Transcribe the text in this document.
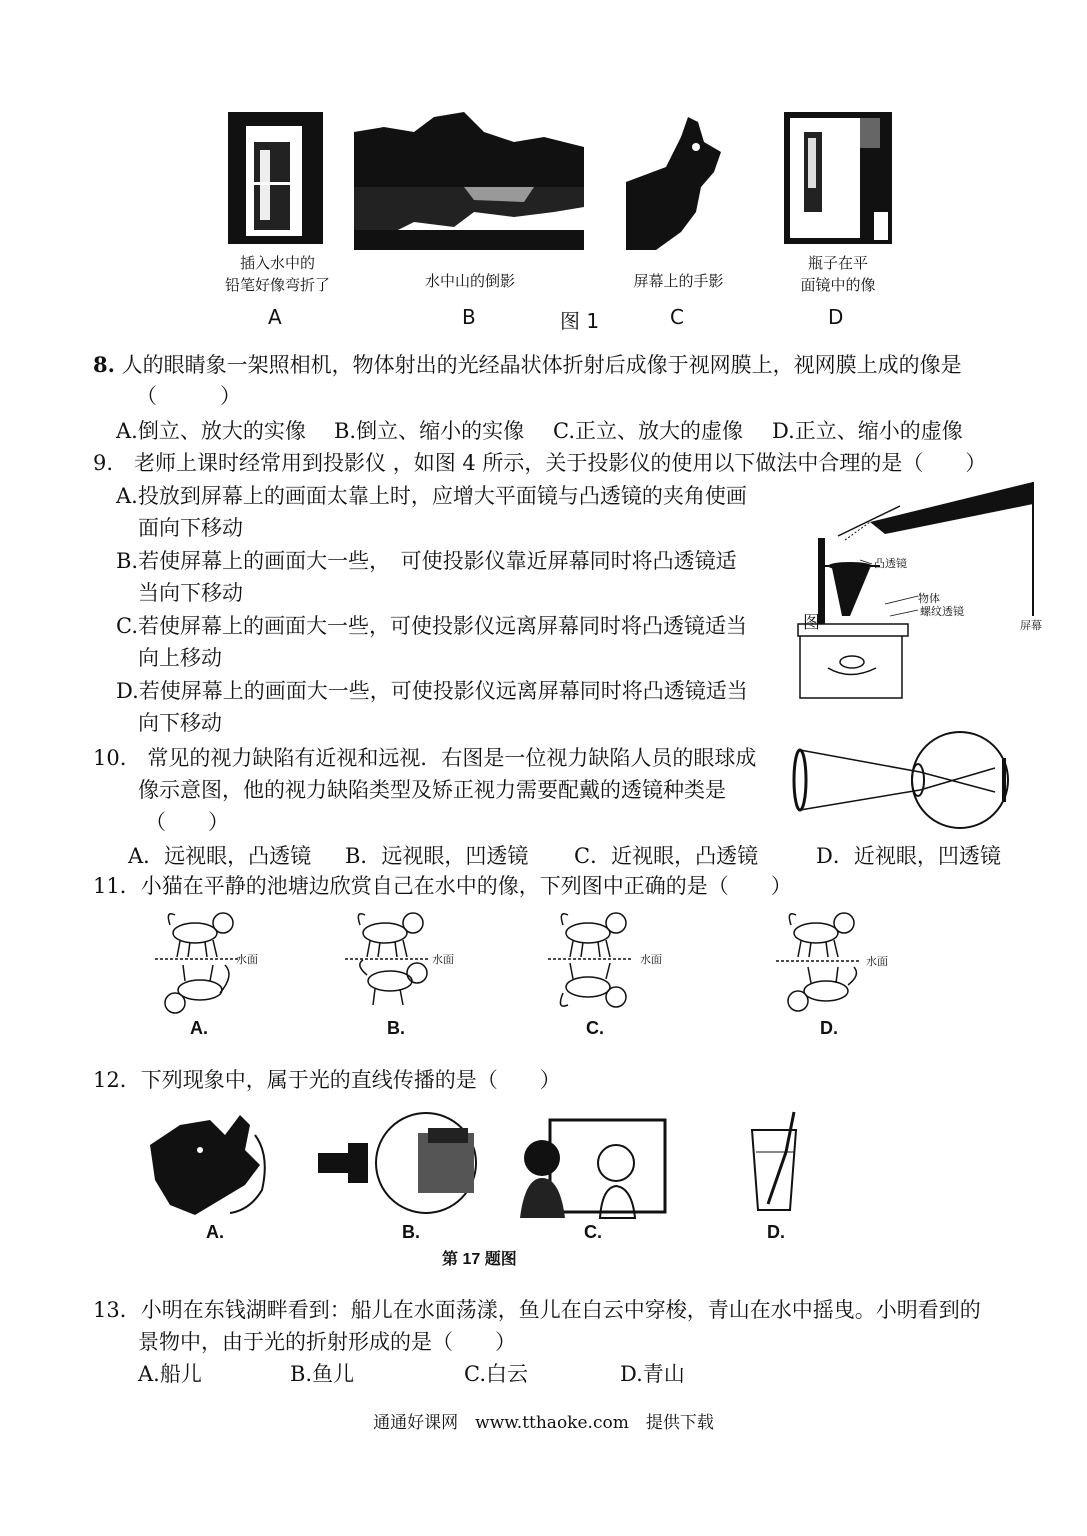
插入水中的
铅笔好像弯折了	水中山的倒影	屏幕上的手影
瓶子在平
面镜中的像
A	B	图 1	C	D
8. 人的眼睛象一架照相机，物体射出的光经晶状体折射后成像于视网膜上，视网膜上成的像是
（　　　）
A.倒立、放大的实像 B.倒立、缩小的实像 C.正立、放大的虚像 D.正立、缩小的虚像
9.　老师上课时经常用到投影仪 ，如图 4 所示，关于投影仪的使用以下做法中合理的是（　　）
A.投放到屏幕上的画面太靠上时，应增大平面镜与凸透镜的夹角使画
面向下移动
B.若使屏幕上的画面大一些，　可使投影仪靠近屏幕同时将凸透镜适
当向下移动
C.若使屏幕上的画面大一些，可使投影仪远离屏幕同时将凸透镜适当
向上移动
D.若使屏幕上的画面大一些，可使投影仪远离屏幕同时将凸透镜适当
向下移动
凸透镜
物体
螺纹透镜
屏幕
图
10.　常见的视力缺陷有近视和远视．右图是一位视力缺陷人员的眼球成
像示意图，他的视力缺陷类型及矫正视力需要配戴的透镜种类是
（　　）
A．远视眼，凸透镜 B．远视眼，凹透镜 C．近视眼，凸透镜	D．近视眼，凹透镜
11．小猫在平静的池塘边欣赏自己在水中的像，下列图中正确的是（　　）
水面	水面	水面	水面
A.	B.	C.	D.
12．下列现象中，属于光的直线传播的是（　　）
A.	B.	C.	D.
第 17 题图
13．小明在东钱湖畔看到：船儿在水面荡漾，鱼儿在白云中穿梭，青山在水中摇曳。小明看到的
景物中，由于光的折射形成的是（　　）
A.船儿	B.鱼儿	C.白云	D.青山
通通好课网　www.tthaoke.com　提供下载
